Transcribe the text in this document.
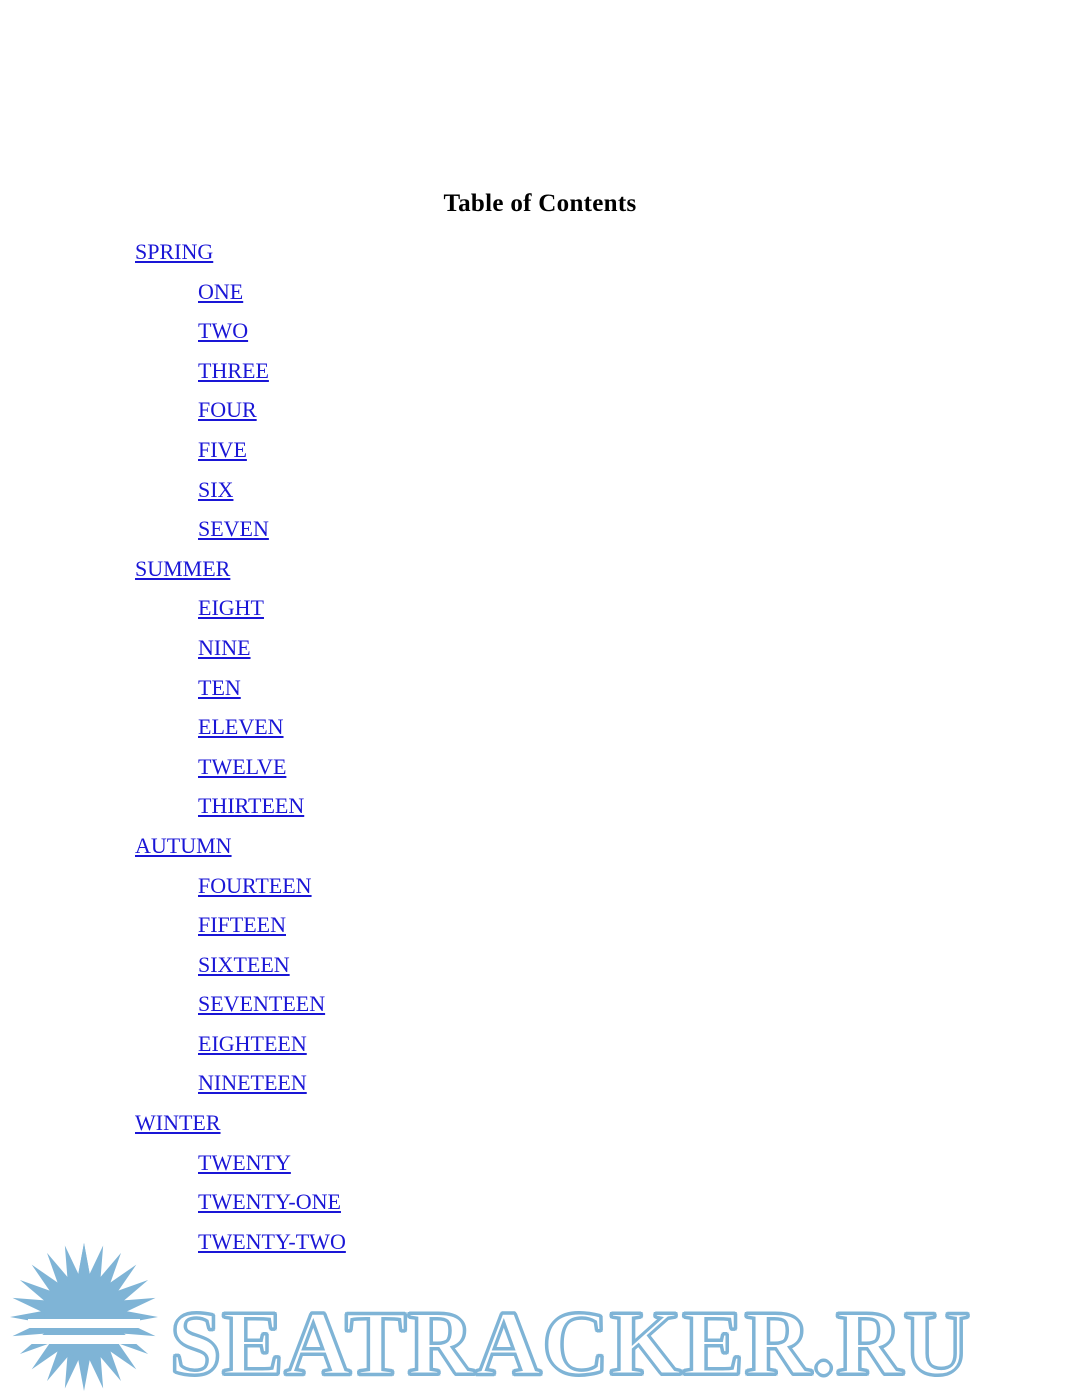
Table of Contents
SPRING
ONE
TWO
THREE
FOUR
FIVE
SIX
SEVEN
SUMMER
EIGHT
NINE
TEN
ELEVEN
TWELVE
THIRTEEN
AUTUMN
FOURTEEN
FIFTEEN
SIXTEEN
SEVENTEEN
EIGHTEEN
NINETEEN
WINTER
TWENTY
TWENTY-ONE
TWENTY-TWO
SEATRACKER.RU
